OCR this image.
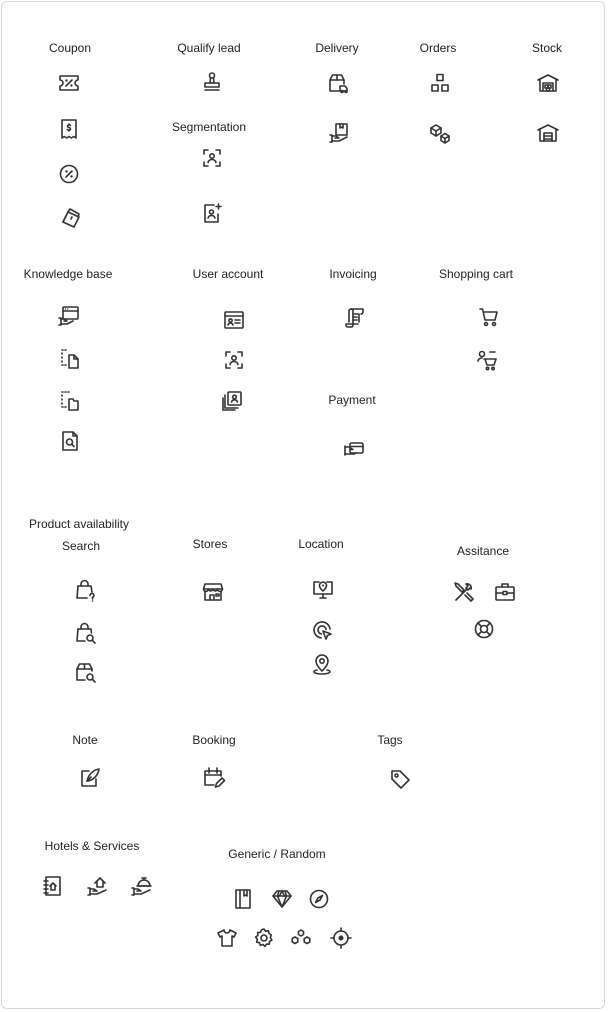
Coupon	Qualify lead	Delivery	Orders	Stock
Segmentation
Knowledge base	User account	Invoicing	Shopping cart
Payment
Product availability
Search	Stores	Location	Assitance
Note	Booking	Tags
Hotels & Services
Generic / Random
